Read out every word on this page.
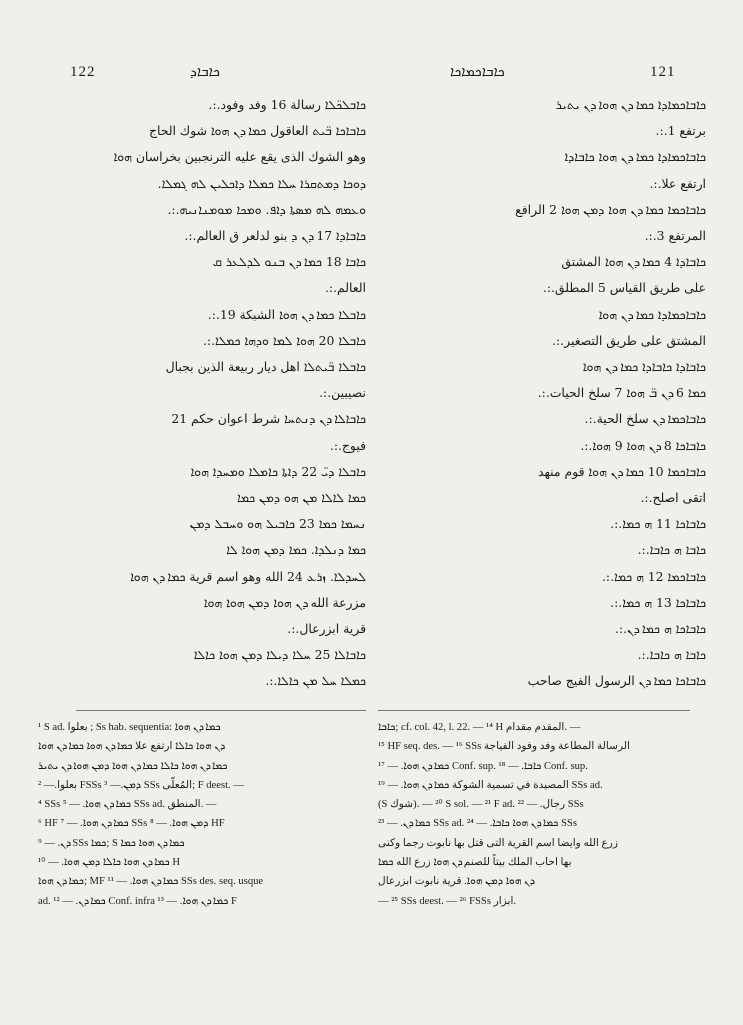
122	ܟܐܒܐܕ
ܟܐܒܠܟ̈ܠܐ رسالة 16 وفد وفود.:.
ܟܐܒܐܟܐ ܒ̈ܝܬ العاقول ܟܡܐ ܕܢ ܗܘܐ شوك الحاج
وهو الشوك الذى يقع عليه الترنجبين بخراسان ܗܘܐ
ܕܘܟܐ ܕܡܬܩܪܐ ܚܠܐ ܟܡܠܐ ܕܐܟܠܝܢ ܠܗ ܓܡܠܐ.
ܘܥܡܗ ܠܗ ܡܣܬܐ ܕܐܦ. ܘܡܟܐ ܡܘܡܢܐܢܝܗ.:.
ܟܐܒܐܕܐ 17 ܕܢ ܕ بنو لدلعر ق العالم.:.
ܟܐܒܐ 18 ܟܡܐ ܕܢ ܒܢܘ ܠܕܠܥܪ ܩ
العالم.:.
ܟܐܒܠܐ ܟܡܐ ܕܢ ܗܘܐ الشبكة 19.:.
ܟܐܒܠܐ 20 ܗܘܐ ܠܡܐ ܘܕܗܐ ܟܡܠܐ.:.
ܟܐܒܠܐ ܒ̈ܝܬܠܐ اهل ديار ربيعة الذين بجبال
نصيبين.:.
ܟܐܒܐܠܐ ܕܢ ܕܢܬܚܐ شرط اعوان حكم 21
فيوج.:.
ܟܐܒܠܐ ܕܝ̈ 22 ܕܐܬܐ ܟܐܡܠܐ ܘܡܚܕܐ ܗܘܐ
ܟܡܐ ܠܐܠܐ ܡܢ ܗܘ ܕܡܢ ܟܡܐ
ܢܚܡܐ ܟܡܐ 23 ܟܐܒܝܠ ܗܘ ܘܚܒܠ ܕܡܢ
ܟܡܐ ܕܢܠܕܐ. ܟܡܐ ܕܡܢ ܗܘܐ ܠܐ
ܠܚܕܠܐ. ܙܪܥ 24 الله وهو اسم قرية ܟܡܐ ܕܢ ܗܘܐ
مزرعة الله ܕܢ ܗܘܐ ܕܡܢ ܗܘܐ ܗܘܐ
قرية ابزرعال.:.
ܟܐܒܐܠܐ 25 ܚܠܐ ܕܝܠܐ ܕܡܢ ܗܘܐ ܟܐܠܐ
ܟܡܠܐ ܚܠ ܡܢ ܟܐܠܐ.:.
¹ S ad. بعلوا ; Ss hab. sequentia: ܟܡܐ ܕܢ ܗܘܐ
ܕܢ ܗܘܐ ܟܐܠܐ ارتفع علا ܟܡܐ ܕܢ ܗܘܐ ܟܡܐ ܕܢ ܗܘܐ
ܟܡܐ ܕܢ ܗܘܐ ܟܐܠܐ ܟܡܐ ܕܢ ܗܘܐ ܕܡܢ ܗܘܐ ܕܢ ܝܬܝܪ
بعلوا.— ² FSSs ܕܡܢ.— ³ SSs المُعلّى; F deest. —
⁴ SSs ܟܡܐ ܕܢ ܗܘܐ. — ⁵ SSs ad. المنطق. —
⁶ HF ܟܡܐ ܕܢ ܗܘܐ. — ⁷ SSs ܕܡܢ ܗܘܐ. — ⁸ HF
ܕܢ. — ⁹ SSs ܟܡܐ; S ܟܡܐ ܕܢ ܗܘܐ ܟܡܐ
ܟܡܐ ܕܢ ܗܘܐ ܟܐܠܐ ܕܡܢ ܗܘܐ. — ¹⁰ H
ܟܡܐ ܕܢ ܗܘܐ; MF ܟܡܐ ܕܢ ܗܘܐ. — ¹¹ SSs des. seq. usque
ad. ܟܡܐ ܕܢ. — ¹² Conf. infra ܟܡܐ ܕܢ ܗܘܐ. — ¹³ F
ܟܐܒܐܟܡܐܟܐ	121
ܟܐܒܐܟܡܐܕܐ ܟܡܐ ܕܢ ܗܘܐ ܕܢ ܝܬܝܪ
برتفع 1.:.
ܟܐܒܐܟܡܐܕܐ ܟܡܐ ܕܢ ܗܘܐ ܟܐܒܐܕܐ
ارتفع علا.:.
ܟܐܒܐܟܡܐ ܟܡܐ ܕܢ ܗܘܐ ܕܡܢ ܗܘܐ 2 الرافع
المرتفع 3.:.
ܟܐܒܐܕܐ 4 ܟܡܐ ܕܢ ܗܘܐ المشتق
على طريق القياس 5 المطلق.:.
ܟܐܒܐܟܡܐܕܐ ܟܡܐ ܕܢ ܗܘܐ
المشتق على طريق التصغير.:.
ܟܐܒܐܕܐ ܟܐܒܐܕܐ ܟܡܐ ܕܢ ܗܘܐ
ܟܡܐ 6 ܕܢ ܒ̈ ܗܘܐ 7 سلخ الحيات.:.
ܟܐܒܐܟܡܐ ܕܢ سلخ الحية.:.
ܟܐܒܐܟܐ 8 ܕܢ ܗܘܐ 9 ܗܘܐ.:.
ܟܐܒܐܟܡܐ 10 ܟܡܐ ܕܢ ܗܘܐ قوم منهد
اتقى اصلح.:.
ܟܐܒܐܟܐ 11 ܗ ܟܡܐ.:.
ܟܐܒܐ ܗ ܟܐܒܐ.:.
ܟܐܒܐܟܡܐ 12 ܗ ܟܡܐ.:.
ܟܐܒܐܟܐ 13 ܗ ܟܡܐ.:.
ܟܐܒܐܟܐ ܗ ܟܡܐ ܕܢ.:.
ܟܐܒܐ ܗ ܟܐܒܐ.:.
ܟܐܒܐܟܐ ܟܡܐ ܕܢ الرسول الفيج صاحب
ܟܐܒܐ; cf. col. 42, l. 22. — ¹⁴ H المقدم مقدام. —
¹⁵ HF seq. des. — ¹⁶ SSs الرسالة المطاعة وفد وفود الفياجة
ܟܡܐ ܕܢ ܗܘܐ. — ¹⁷ Conf. sup. ܟܐܒܐ. — ¹⁸ Conf. sup.
المصيدة في تسمية الشوكة ܟܡܐ ܕܢ ܗܘܐ. — ¹⁹ SSs ad.
(S شوك). — ²⁰ S sol. — ²¹ F ad. رجال. — ²² SSs
ܟܡܐ ܕܢ. — ²³ SSs ad. ܟܡܐ ܕܢ ܗܘܐ ܟܐܒܐ. — ²⁴ SSs
زرع الله وايضا اسم القرية التى قتل بها نابوت رجما وكنى
بها احاب الملك بيتاً للصنم ܕܢ ܗܘܐ زرع الله ܟܡܐ
ܕܢ ܗܘܐ ܕܡܢ ܗܘܐ. قرية نابوت ابزرعال
— ²⁵ SSs deest. — ²⁶ FSSs ابزار.
